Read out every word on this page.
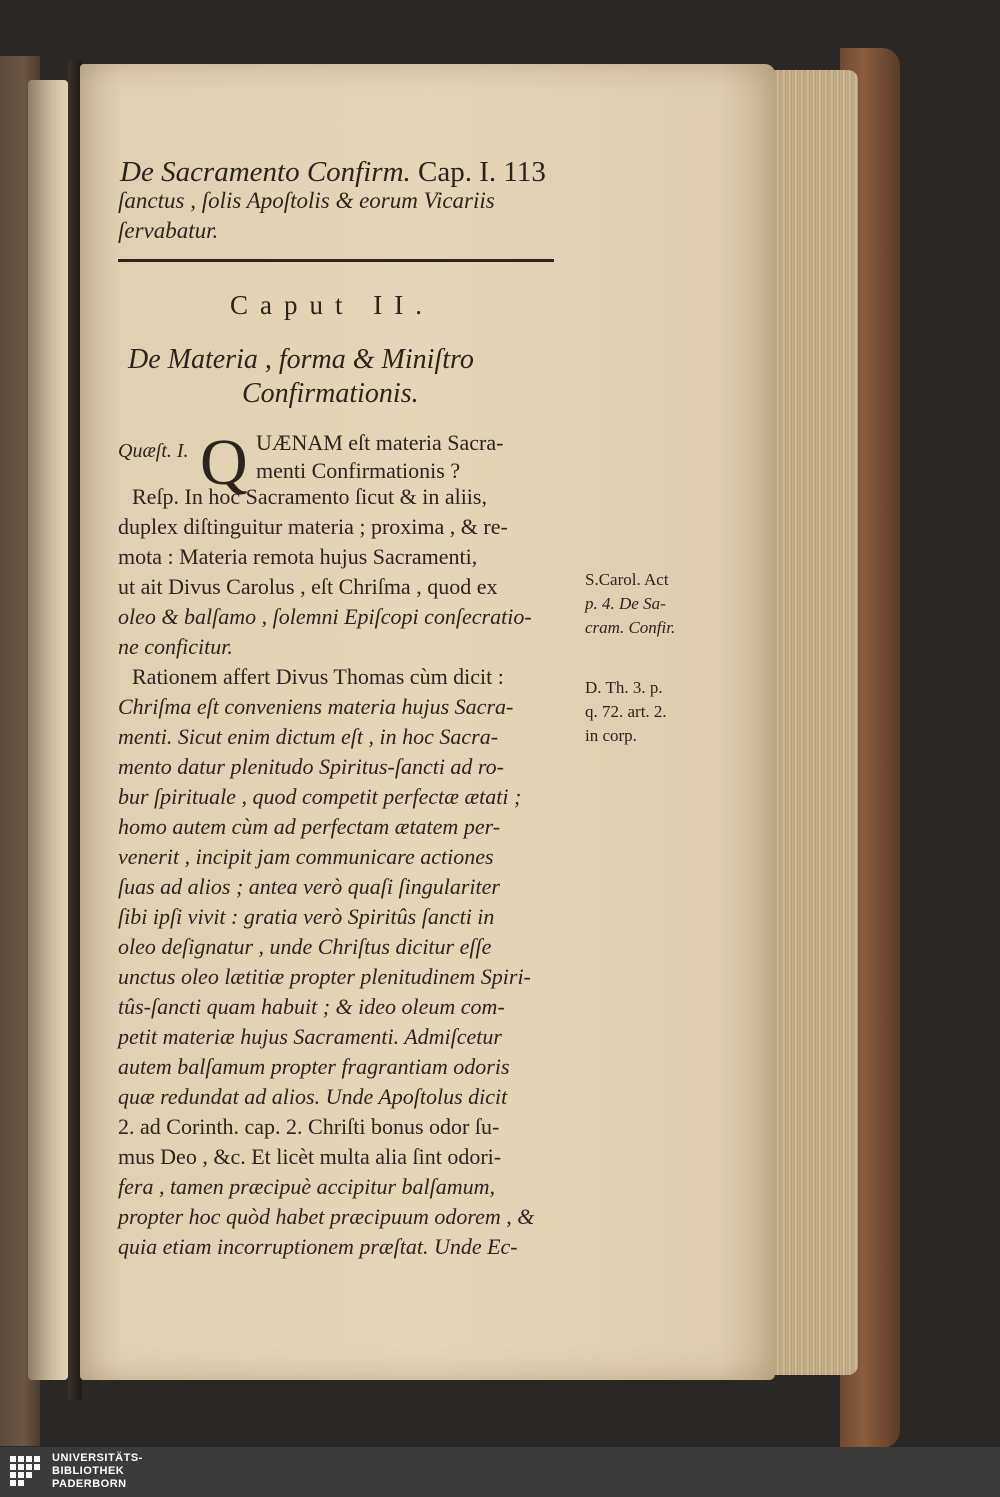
De Sacramento Confirm. Cap. I. 113
ſanctus , ſolis Apoſtolis & eorum Vicariis
ſervabatur.
Caput II.
De Materia , forma & Miniſtro
Confirmationis.
Quæſt. I. Q UÆNAM eſt materia Sacra-
menti Confirmationis ?
Reſp. In hoc Sacramento ſicut & in aliis,
duplex diſtinguitur materia ; proxima , & re-
mota : Materia remota hujus Sacramenti,
ut ait Divus Carolus , eſt Chriſma , quod ex
oleo & balſamo , ſolemni Epiſcopi conſecratio-
ne conficitur.
Rationem affert Divus Thomas cùm dicit :
Chriſma eſt conveniens materia hujus Sacra-
menti. Sicut enim dictum eſt , in hoc Sacra-
mento datur plenitudo Spiritus-ſancti ad ro-
bur ſpirituale , quod competit perfectæ ætati ;
homo autem cùm ad perfectam ætatem per-
venerit , incipit jam communicare actiones
ſuas ad alios ; antea verò quaſi ſingulariter
ſibi ipſi vivit : gratia verò Spiritûs ſancti in
oleo deſignatur , unde Chriſtus dicitur eſſe
unctus oleo lætitiæ propter plenitudinem Spiri-
tûs-ſancti quam habuit ; & ideo oleum com-
petit materiæ hujus Sacramenti. Admiſcetur
autem balſamum propter fragrantiam odoris
quæ redundat ad alios. Unde Apoſtolus dicit
2. ad Corinth. cap. 2. Chriſti bonus odor ſu-
mus Deo , &c. Et licèt multa alia ſint odori-
fera , tamen præcipuè accipitur balſamum,
propter hoc quòd habet præcipuum odorem , &
quia etiam incorruptionem præſtat. Unde Ec-
S.Carol. Act
p. 4. De Sa-
cram. Confir.
D. Th. 3. p.
q. 72. art. 2.
in corp.
UNIVERSITÄTS-
BIBLIOTHEK
PADERBORN
